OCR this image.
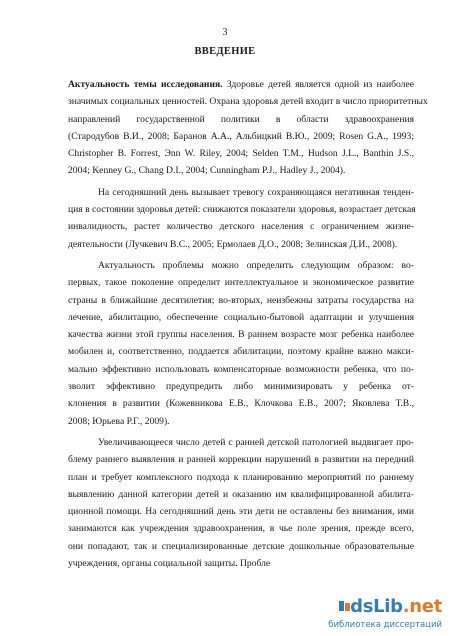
3
ВВЕДЕНИЕ
Актуальность темы исследования. Здоровье детей является одной из наиболее
значимых социальных ценностей. Охрана здоровья детей входит в число приоритетных
направлений государственной политики в области здравоохранения
(Стародубов В.И., 2008; Баранов А.А., Альбицкий В.Ю., 2009; Rosen G.A., 1993;
Christopher B. Forrest, Эnn W. Riley, 2004; Selden T.M., Hudson J.L., Banthin J.S.,
2004; Kenney G., Chang D.I., 2004; Cunningham P.J., Hadley J., 2004).
На сегодняшний день вызывает тревогу сохраняющаяся негативная тенден-
ция в состоянии здоровья детей: снижаются показатели здоровья, возрастает детская
инвалидность, растет количество детского населения с ограничением жизне-
деятельности (Лучкевич В.С., 2005; Ермолаев Д.О., 2008; Зелинская Д.И., 2008).
Актуальность проблемы можно определить следующим образом: во-
первых, такое поколение определит интеллектуальное и экономическое развитие
страны в ближайшие десятилетия; во-вторых, неизбежны затраты государства на
лечение, абилитацию, обеспечение социально-бытовой адаптации и улучшения
качества жизни этой группы населения. В раннем возрасте мозг ребенка наиболее
мобилен и, соответственно, поддается абилитации, поэтому крайне важно макси-
мально эффективно использовать компенсаторные возможности ребенка, что по-
зволит эффективно предупредить либо минимизировать у ребенка от-
клонения в развитии (Кожевникова Е.В., Клочкова Е.В., 2007; Яковлева Т.В.,
2008; Юрьева Р.Г., 2009).
Увеличивающееся число детей с ранней детской патологией выдвигает про-
блему раннего выявления и ранней коррекции нарушений в развитии на передний
план и требует комплексного подхода к планированию мероприятий по раннему
выявлению данной категории детей и оказанию им квалифицированной абилита-
ционной помощи. На сегодняшний день эти дети не оставлены без внимания, ими
занимаются как учреждения здравоохранения, в чье поле зрения, прежде всего,
они попадают, так и специализированные детские дошкольные образовательные
учреждения, органы социальной защиты. Пробле
dsLib.net
библиотека диссертаций
